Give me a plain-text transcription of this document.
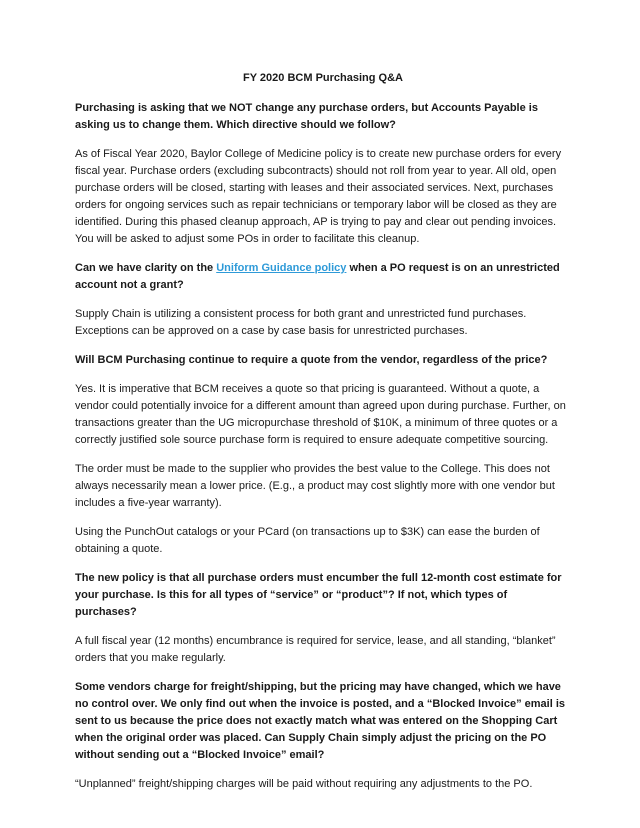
FY 2020 BCM Purchasing Q&A
Purchasing is asking that we NOT change any purchase orders, but Accounts Payable is asking us to change them. Which directive should we follow?
As of Fiscal Year 2020, Baylor College of Medicine policy is to create new purchase orders for every fiscal year. Purchase orders (excluding subcontracts) should not roll from year to year. All old, open purchase orders will be closed, starting with leases and their associated services. Next, purchases orders for ongoing services such as repair technicians or temporary labor will be closed as they are identified. During this phased cleanup approach, AP is trying to pay and clear out pending invoices. You will be asked to adjust some POs in order to facilitate this cleanup.
Can we have clarity on the Uniform Guidance policy when a PO request is on an unrestricted account not a grant?
Supply Chain is utilizing a consistent process for both grant and unrestricted fund purchases. Exceptions can be approved on a case by case basis for unrestricted purchases.
Will BCM Purchasing continue to require a quote from the vendor, regardless of the price?
Yes. It is imperative that BCM receives a quote so that pricing is guaranteed. Without a quote, a vendor could potentially invoice for a different amount than agreed upon during purchase. Further, on transactions greater than the UG micropurchase threshold of $10K, a minimum of three quotes or a correctly justified sole source purchase form is required to ensure adequate competitive sourcing.
The order must be made to the supplier who provides the best value to the College. This does not always necessarily mean a lower price. (E.g., a product may cost slightly more with one vendor but includes a five-year warranty).
Using the PunchOut catalogs or your PCard (on transactions up to $3K) can ease the burden of obtaining a quote.
The new policy is that all purchase orders must encumber the full 12-month cost estimate for your purchase. Is this for all types of “service” or “product”? If not, which types of purchases?
A full fiscal year (12 months) encumbrance is required for service, lease, and all standing, “blanket” orders that you make regularly.
Some vendors charge for freight/shipping, but the pricing may have changed, which we have no control over. We only find out when the invoice is posted, and a “Blocked Invoice” email is sent to us because the price does not exactly match what was entered on the Shopping Cart when the original order was placed. Can Supply Chain simply adjust the pricing on the PO without sending out a “Blocked Invoice” email?
“Unplanned” freight/shipping charges will be paid without requiring any adjustments to the PO.
